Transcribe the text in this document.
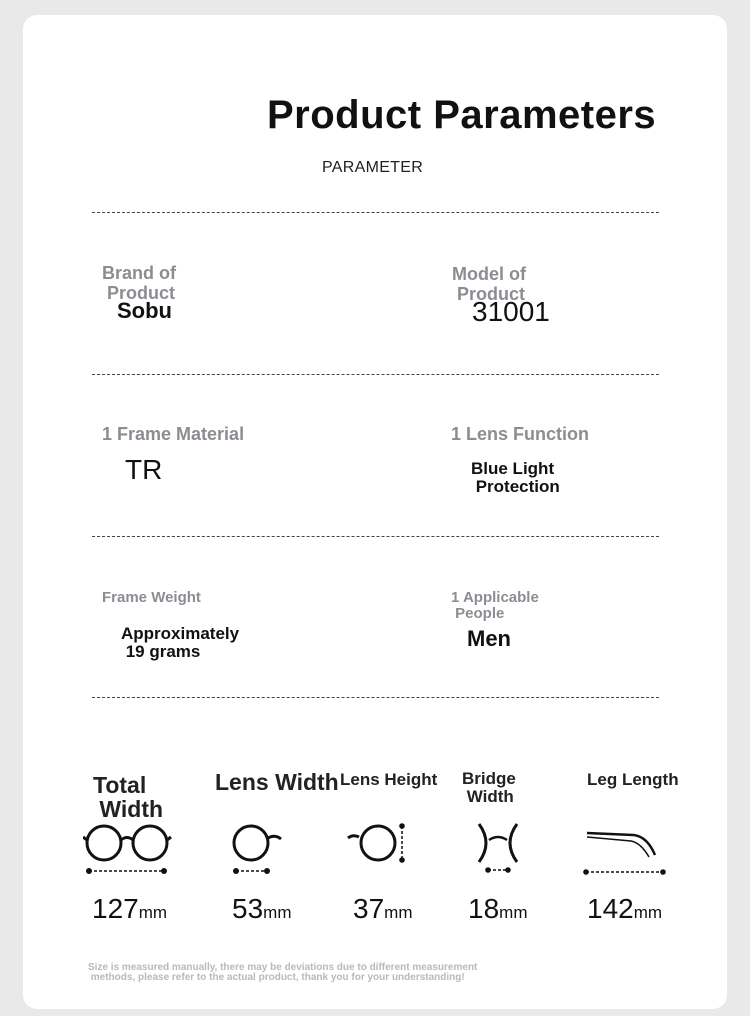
Product Parameters
PARAMETER
Brand of
Product
Sobu
Model of
Product
31001
1 Frame Material
TR
1 Lens Function
Blue Light
Protection
Frame Weight
Approximately
19 grams
1 Applicable
People
Men
Total
Width
Lens Width Lens Height Bridge
Width
Leg Length
127mm 53mm 37mm 18mm 142mm
Size is measured manually, there may be deviations due to different measurement
methods, please refer to the actual product, thank you for your understanding!
